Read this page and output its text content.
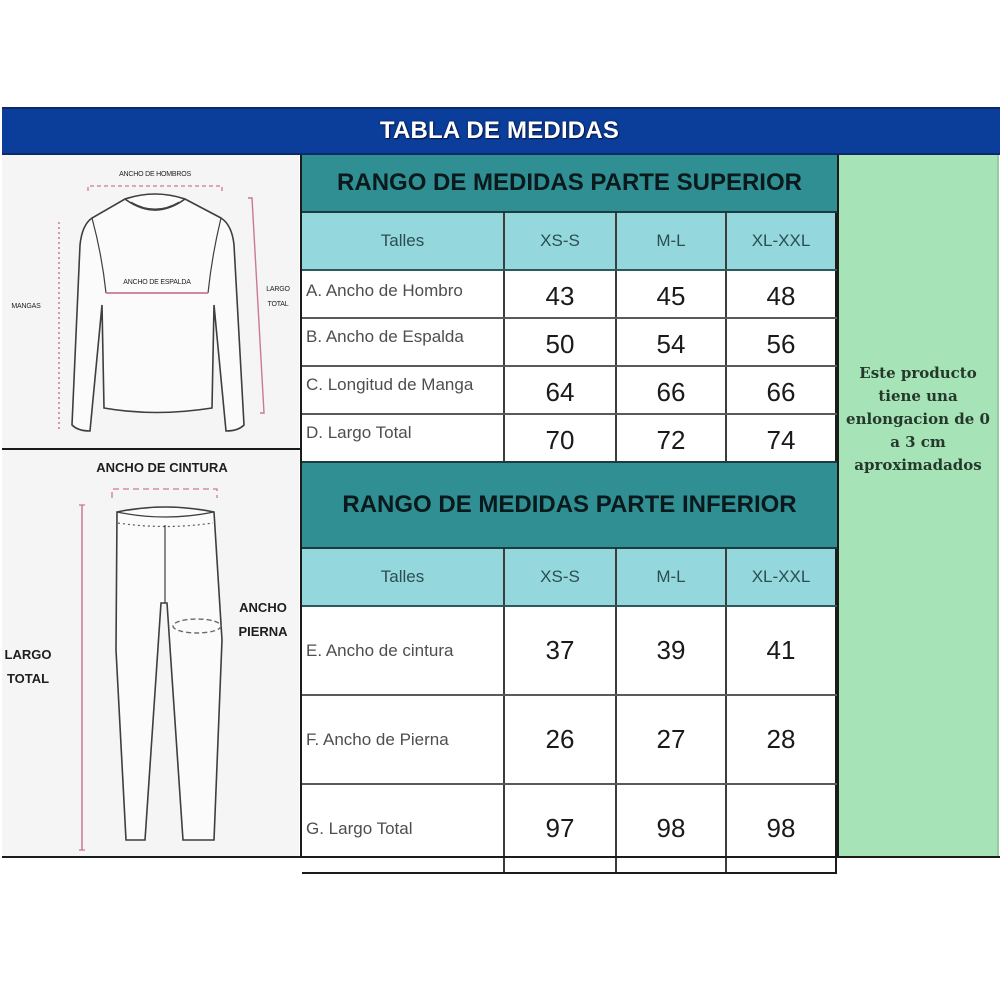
TABLA DE MEDIDAS
ANCHO DE HOMBROS
ANCHO DE ESPALDA
MANGAS
LARGO
TOTAL
ANCHO DE CINTURA
ANCHO
PIERNA
LARGO
TOTAL
RANGO DE MEDIDAS PARTE SUPERIOR
Talles	XS-S	M-L	XL-XXL
A. Ancho de Hombro	43	45	48
B. Ancho de Espalda	50	54	56
C. Longitud de Manga	64	66	66
D. Largo Total	70	72	74
RANGO DE MEDIDAS PARTE INFERIOR
Talles	XS-S	M-L	XL-XXL
E. Ancho de cintura	37	39	41
F. Ancho de Pierna	26	27	28
G. Largo Total	97	98	98
Este producto tiene una enlongacion de 0 a 3 cm aproximadados
